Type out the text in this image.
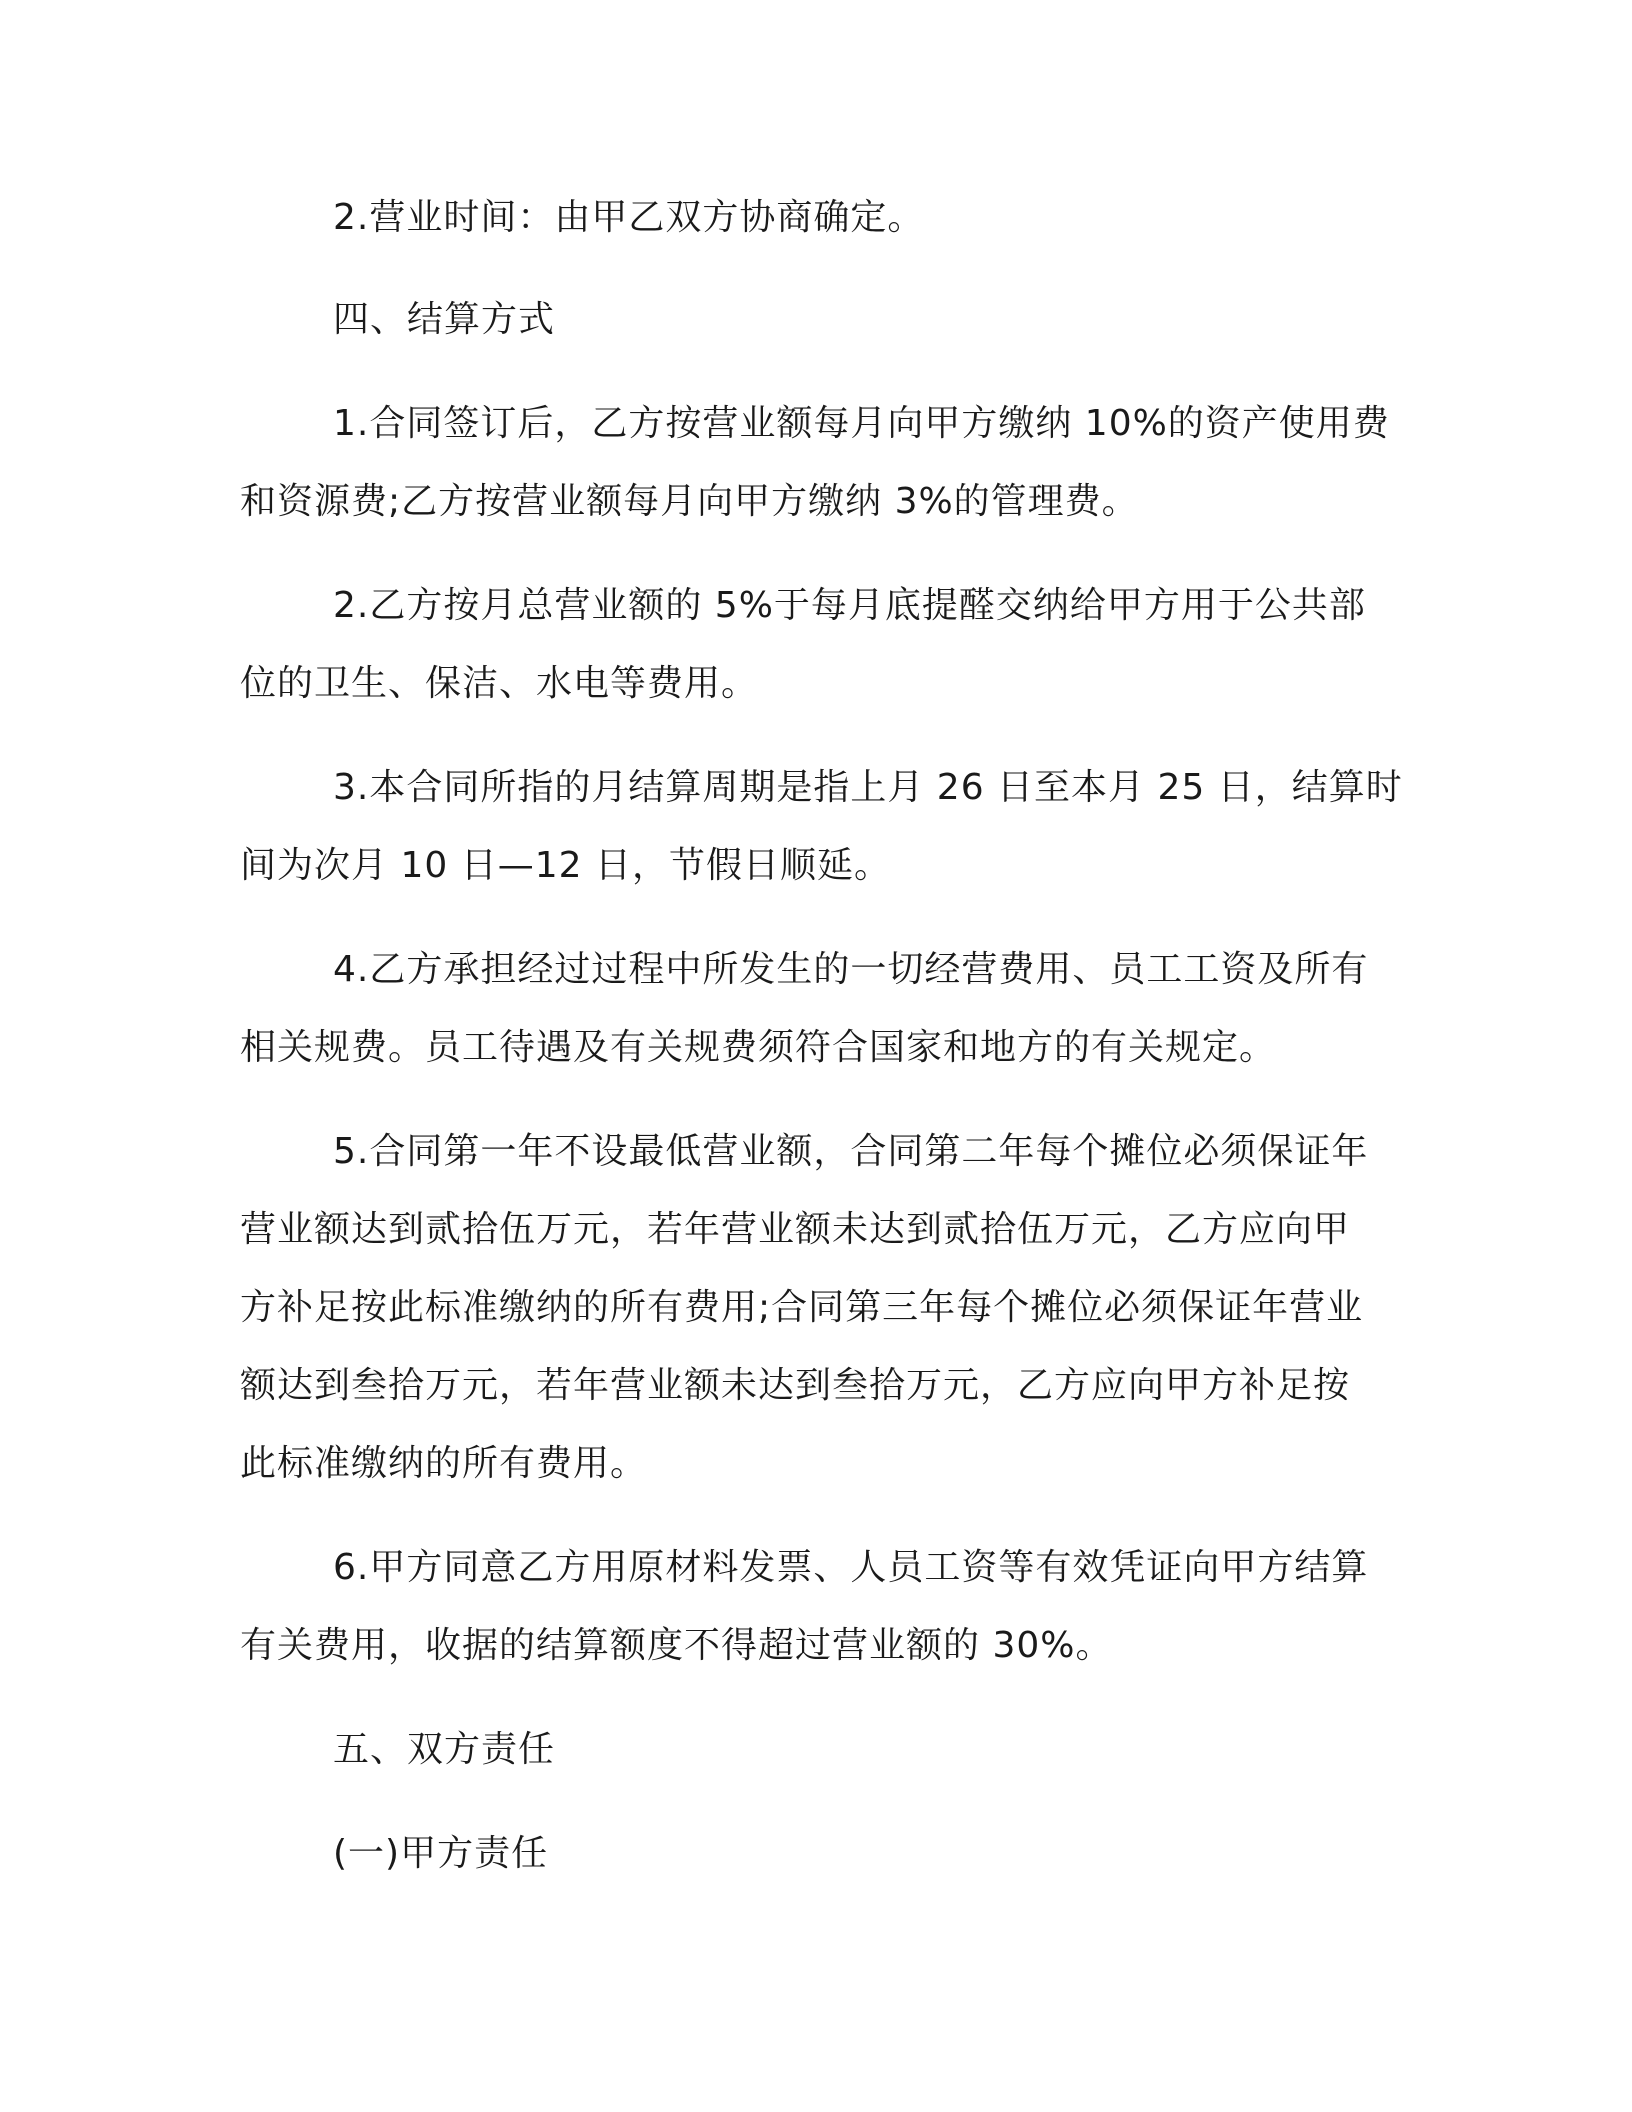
2.营业时间：由甲乙双方协商确定。

四、结算方式

1.合同签订后，乙方按营业额每月向甲方缴纳 10%的资产使用费

和资源费;乙方按营业额每月向甲方缴纳 3%的管理费。

2.乙方按月总营业额的 5%于每月底提醛交纳给甲方用于公共部

位的卫生、保洁、水电等费用。

3.本合同所指的月结算周期是指上月 26 日至本月 25 日，结算时

间为次月 10 日—12 日，节假日顺延。

4.乙方承担经过过程中所发生的一切经营费用、员工工资及所有

相关规费。员工待遇及有关规费须符合国家和地方的有关规定。

5.合同第一年不设最低营业额，合同第二年每个摊位必须保证年

营业额达到贰拾伍万元，若年营业额未达到贰拾伍万元，乙方应向甲

方补足按此标准缴纳的所有费用;合同第三年每个摊位必须保证年营业

额达到叁拾万元，若年营业额未达到叁拾万元，乙方应向甲方补足按

此标准缴纳的所有费用。

6.甲方同意乙方用原材料发票、人员工资等有效凭证向甲方结算

有关费用，收据的结算额度不得超过营业额的 30%。

五、双方责任

(一)甲方责任
